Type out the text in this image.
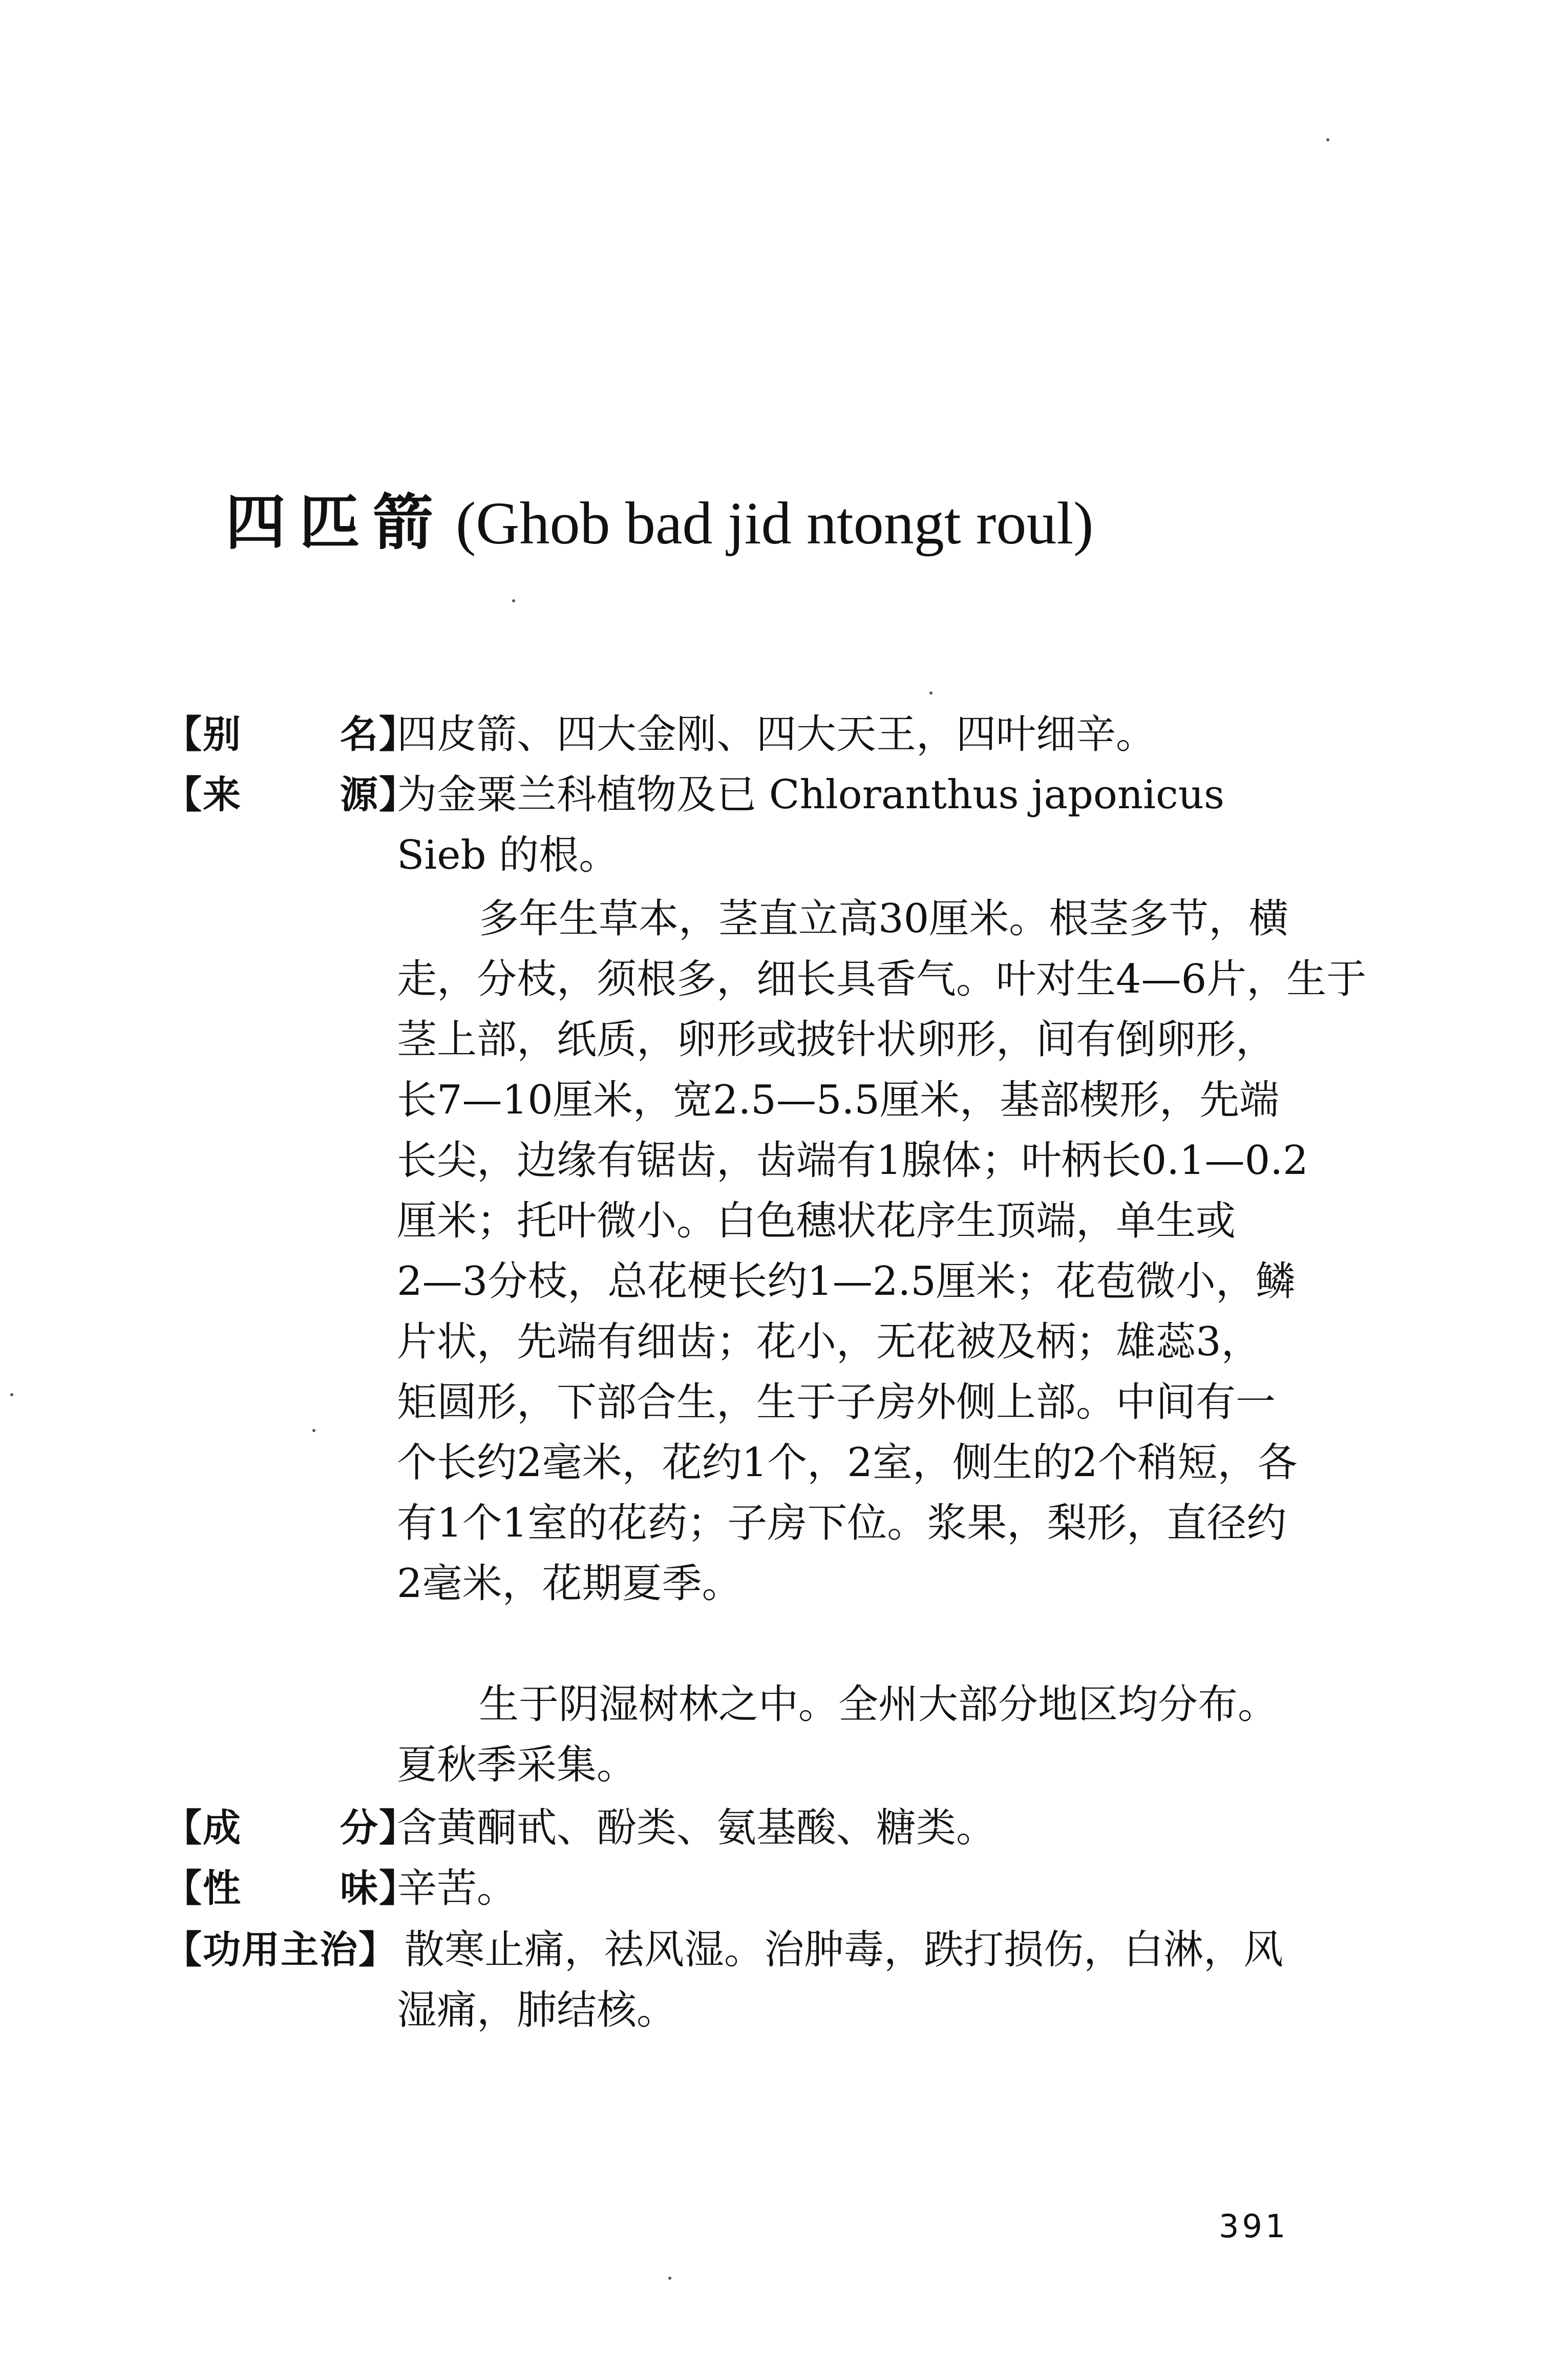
四匹箭 (Ghob bad jid ntongt roul)
【别	名】
四皮箭、四大金刚、四大天王，四叶细辛。
【来	源】
为金粟兰科植物及已 Chloranthus japonicus
Sieb 的根。
多年生草本，茎直立高30厘米。根茎多节，横
走，分枝，须根多，细长具香气。叶对生4—6片，生于
茎上部，纸质，卵形或披针状卵形，间有倒卵形，
长7—10厘米，宽2.5—5.5厘米，基部楔形，先端
长尖，边缘有锯齿，齿端有1腺体；叶柄长0.1—0.2
厘米；托叶微小。白色穗状花序生顶端，单生或
2—3分枝，总花梗长约1—2.5厘米；花苞微小，鳞
片状，先端有细齿；花小，无花被及柄；雄蕊3，
矩圆形，下部合生，生于子房外侧上部。中间有一
个长约2毫米，花约1个，2室，侧生的2个稍短，各
有1个1室的花药；子房下位。浆果，梨形，直径约
2毫米，花期夏季。
生于阴湿树林之中。全州大部分地区均分布。
夏秋季采集。
【成	分】
含黄酮甙、酚类、氨基酸、糖类。
【性	味】
辛苦。
【功用主治】 散寒止痛，祛风湿。治肿毒，跌打损伤，白淋，风
湿痛，肺结核。
391
